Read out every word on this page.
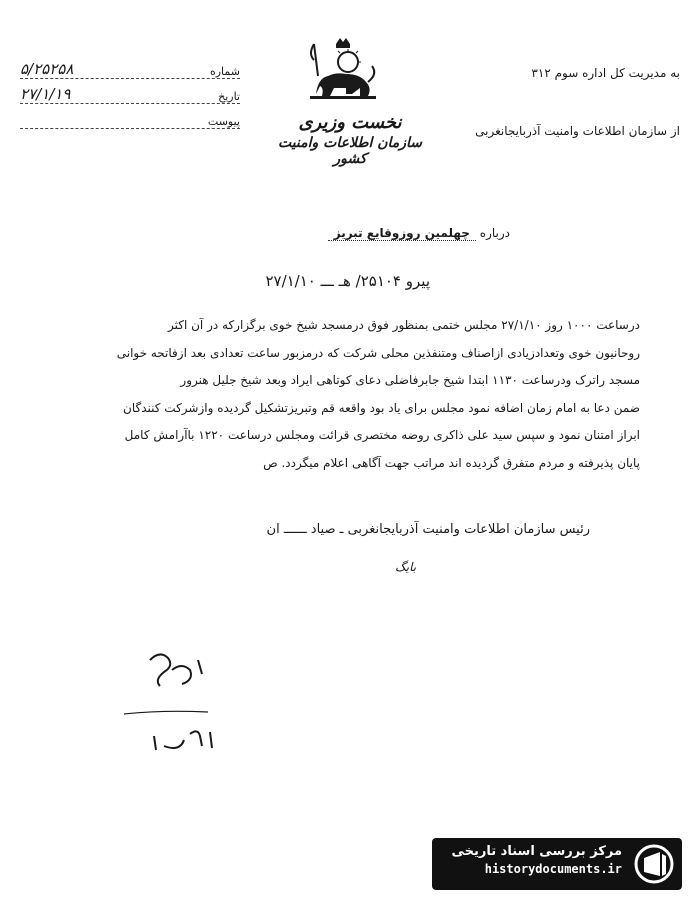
شماره
۵/۲۵۲۵۸
تاریخ
۲۷/۱/۱۹
پیوست	نخست وزیری
سازمان اطلاعات وامنیت کشور
به مدیریت کل اداره سوم ۳۱۲
از سازمان اطلاعات وامنیت آذربایجانغربی
درباره چهلمین روزوقایع تبریز
پیرو ۲۵۱۰۴/ هـ ـــ ۲۷/۱/۱۰

درساعت ۱۰۰۰ روز ۲۷/۱/۱۰ مجلس ختمی بمنظور فوق درمسجد شیخ خوی برگزارکه در آن اکثر

روحانیون خوی وتعدادزیادی ازاصناف ومتنفذین محلی شرکت که درمزبور ساعت تعدادی بعد ازفاتحه خوانی

مسجد راترک ودرساعت ۱۱۳۰ ابتدا شیخ جابرفاضلی دعای کوتاهی ایراد وبعد شیخ جلیل هنرور

ضمن دعا به امام زمان اضافه نمود مجلس برای یاد بود واقعه قم وتبریزتشکیل گردیده وازشرکت کنندگان

ابراز امتنان نمود و سپس سید علی ذاکری روضه مختصری قرائت ومجلس درساعت ۱۲۲۰ باآرامش کامل

پایان پذیرفته و مردم متفرق گردیده اند مراتب جهت آگاهی اعلام میگردد. ص

رئیس سازمان اطلاعات وامنیت آذربایجانغربی ـ صیاد ــــــ ان
بایگ
مرکز بررسی اسناد تاریخی
historydocuments.ir
